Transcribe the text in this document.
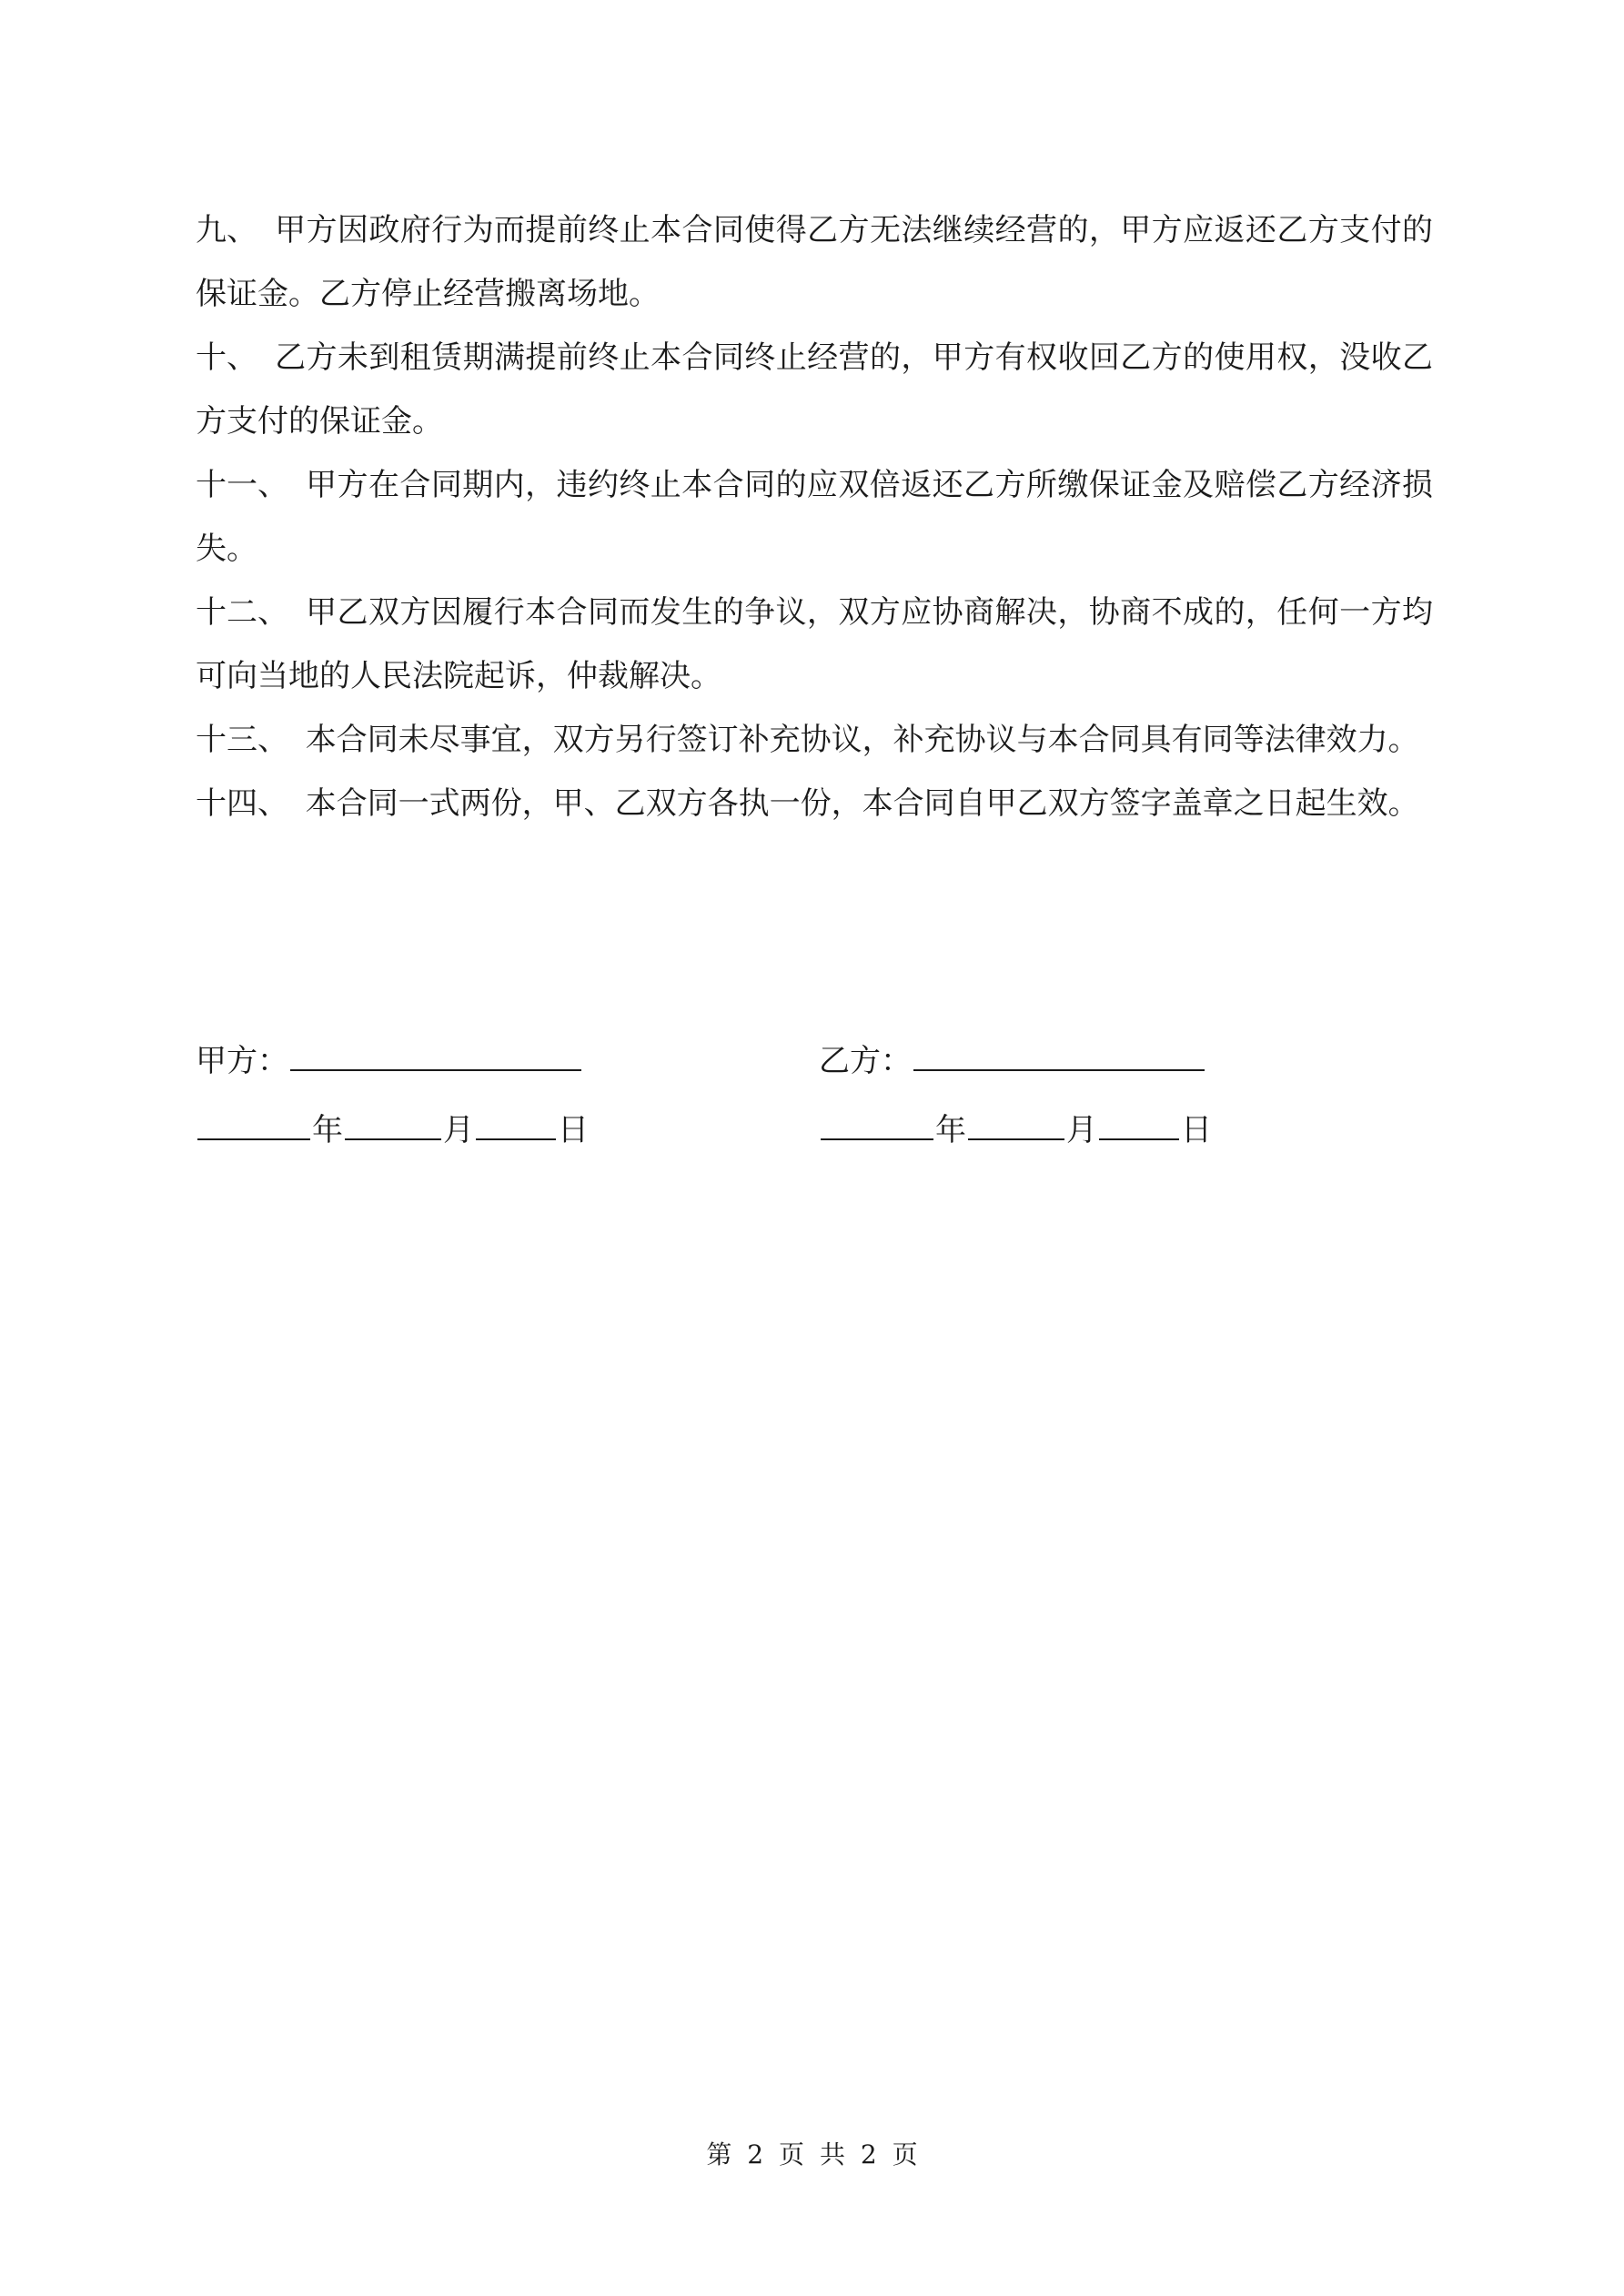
九、 甲方因政府行为而提前终止本合同使得乙方无法继续经营的，甲方应返还乙方支付的保证金。乙方停止经营搬离场地。

十、 乙方未到租赁期满提前终止本合同终止经营的，甲方有权收回乙方的使用权，没收乙方支付的保证金。

十一、 甲方在合同期内，违约终止本合同的应双倍返还乙方所缴保证金及赔偿乙方经济损失。

十二、 甲乙双方因履行本合同而发生的争议，双方应协商解决，协商不成的，任何一方均可向当地的人民法院起诉，仲裁解决。

十三、 本合同未尽事宜，双方另行签订补充协议，补充协议与本合同具有同等法律效力。

十四、 本合同一式两份，甲、乙双方各执一份，本合同自甲乙双方签字盖章之日起生效。

甲方：
年	月	日
乙方：
年	月	日
第 2 页 共 2 页
